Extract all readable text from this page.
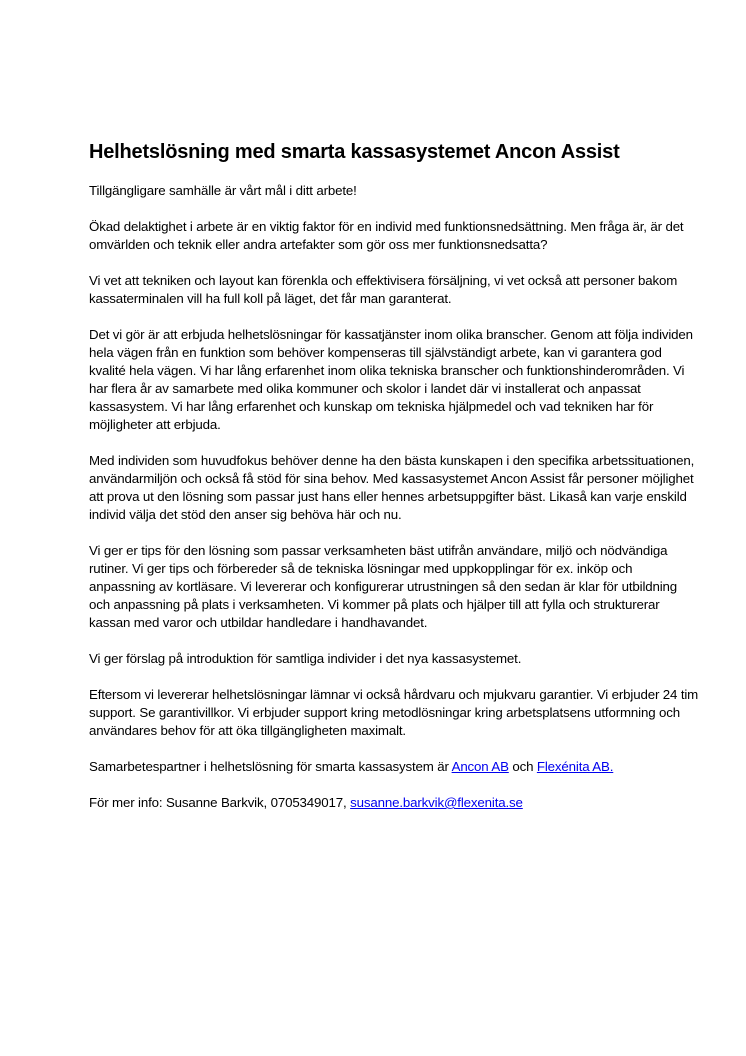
Helhetslösning med smarta kassasystemet Ancon Assist

Tillgängligare samhälle är vårt mål i ditt arbete!

Ökad delaktighet i arbete är en viktig faktor för en individ med funktionsnedsättning. Men fråga är, är det omvärlden och teknik eller andra artefakter som gör oss mer funktionsnedsatta?

Vi vet att tekniken och layout kan förenkla och effektivisera försäljning, vi vet också att personer bakom kassaterminalen vill ha full koll på läget, det får man garanterat.

Det vi gör är att erbjuda helhetslösningar för kassatjänster inom olika branscher. Genom att följa individen hela vägen från en funktion som behöver kompenseras till självständigt arbete, kan vi garantera god kvalité hela vägen. Vi har lång erfarenhet inom olika tekniska branscher och funktionshinderområden. Vi har flera år av samarbete med olika kommuner och skolor i landet där vi installerat och anpassat kassasystem. Vi har lång erfarenhet och kunskap om tekniska hjälpmedel och vad tekniken har för möjligheter att erbjuda.

Med individen som huvudfokus behöver denne ha den bästa kunskapen i den specifika arbetssituationen, användarmiljön och också få stöd för sina behov. Med kassasystemet Ancon Assist får personer möjlighet att prova ut den lösning som passar just hans eller hennes arbetsuppgifter bäst. Likaså kan varje enskild individ välja det stöd den anser sig behöva här och nu.

Vi ger er tips för den lösning som passar verksamheten bäst utifrån användare, miljö och nödvändiga rutiner. Vi ger tips och förbereder så de tekniska lösningar med uppkopplingar för ex. inköp och anpassning av kortläsare. Vi levererar och konfigurerar utrustningen så den sedan är klar för utbildning och anpassning på plats i verksamheten. Vi kommer på plats och hjälper till att fylla och strukturerar kassan med varor och utbildar handledare i handhavandet.

Vi ger förslag på introduktion för samtliga individer i det nya kassasystemet.

Eftersom vi levererar helhetslösningar lämnar vi också hårdvaru och mjukvaru garantier. Vi erbjuder 24 tim support. Se garantivillkor. Vi erbjuder support kring metodlösningar kring arbetsplatsens utformning och användares behov för att öka tillgängligheten maximalt.

Samarbetespartner i helhetslösning för smarta kassasystem är Ancon AB och Flexénita AB.

För mer info: Susanne Barkvik, 0705349017, susanne.barkvik@flexenita.se
